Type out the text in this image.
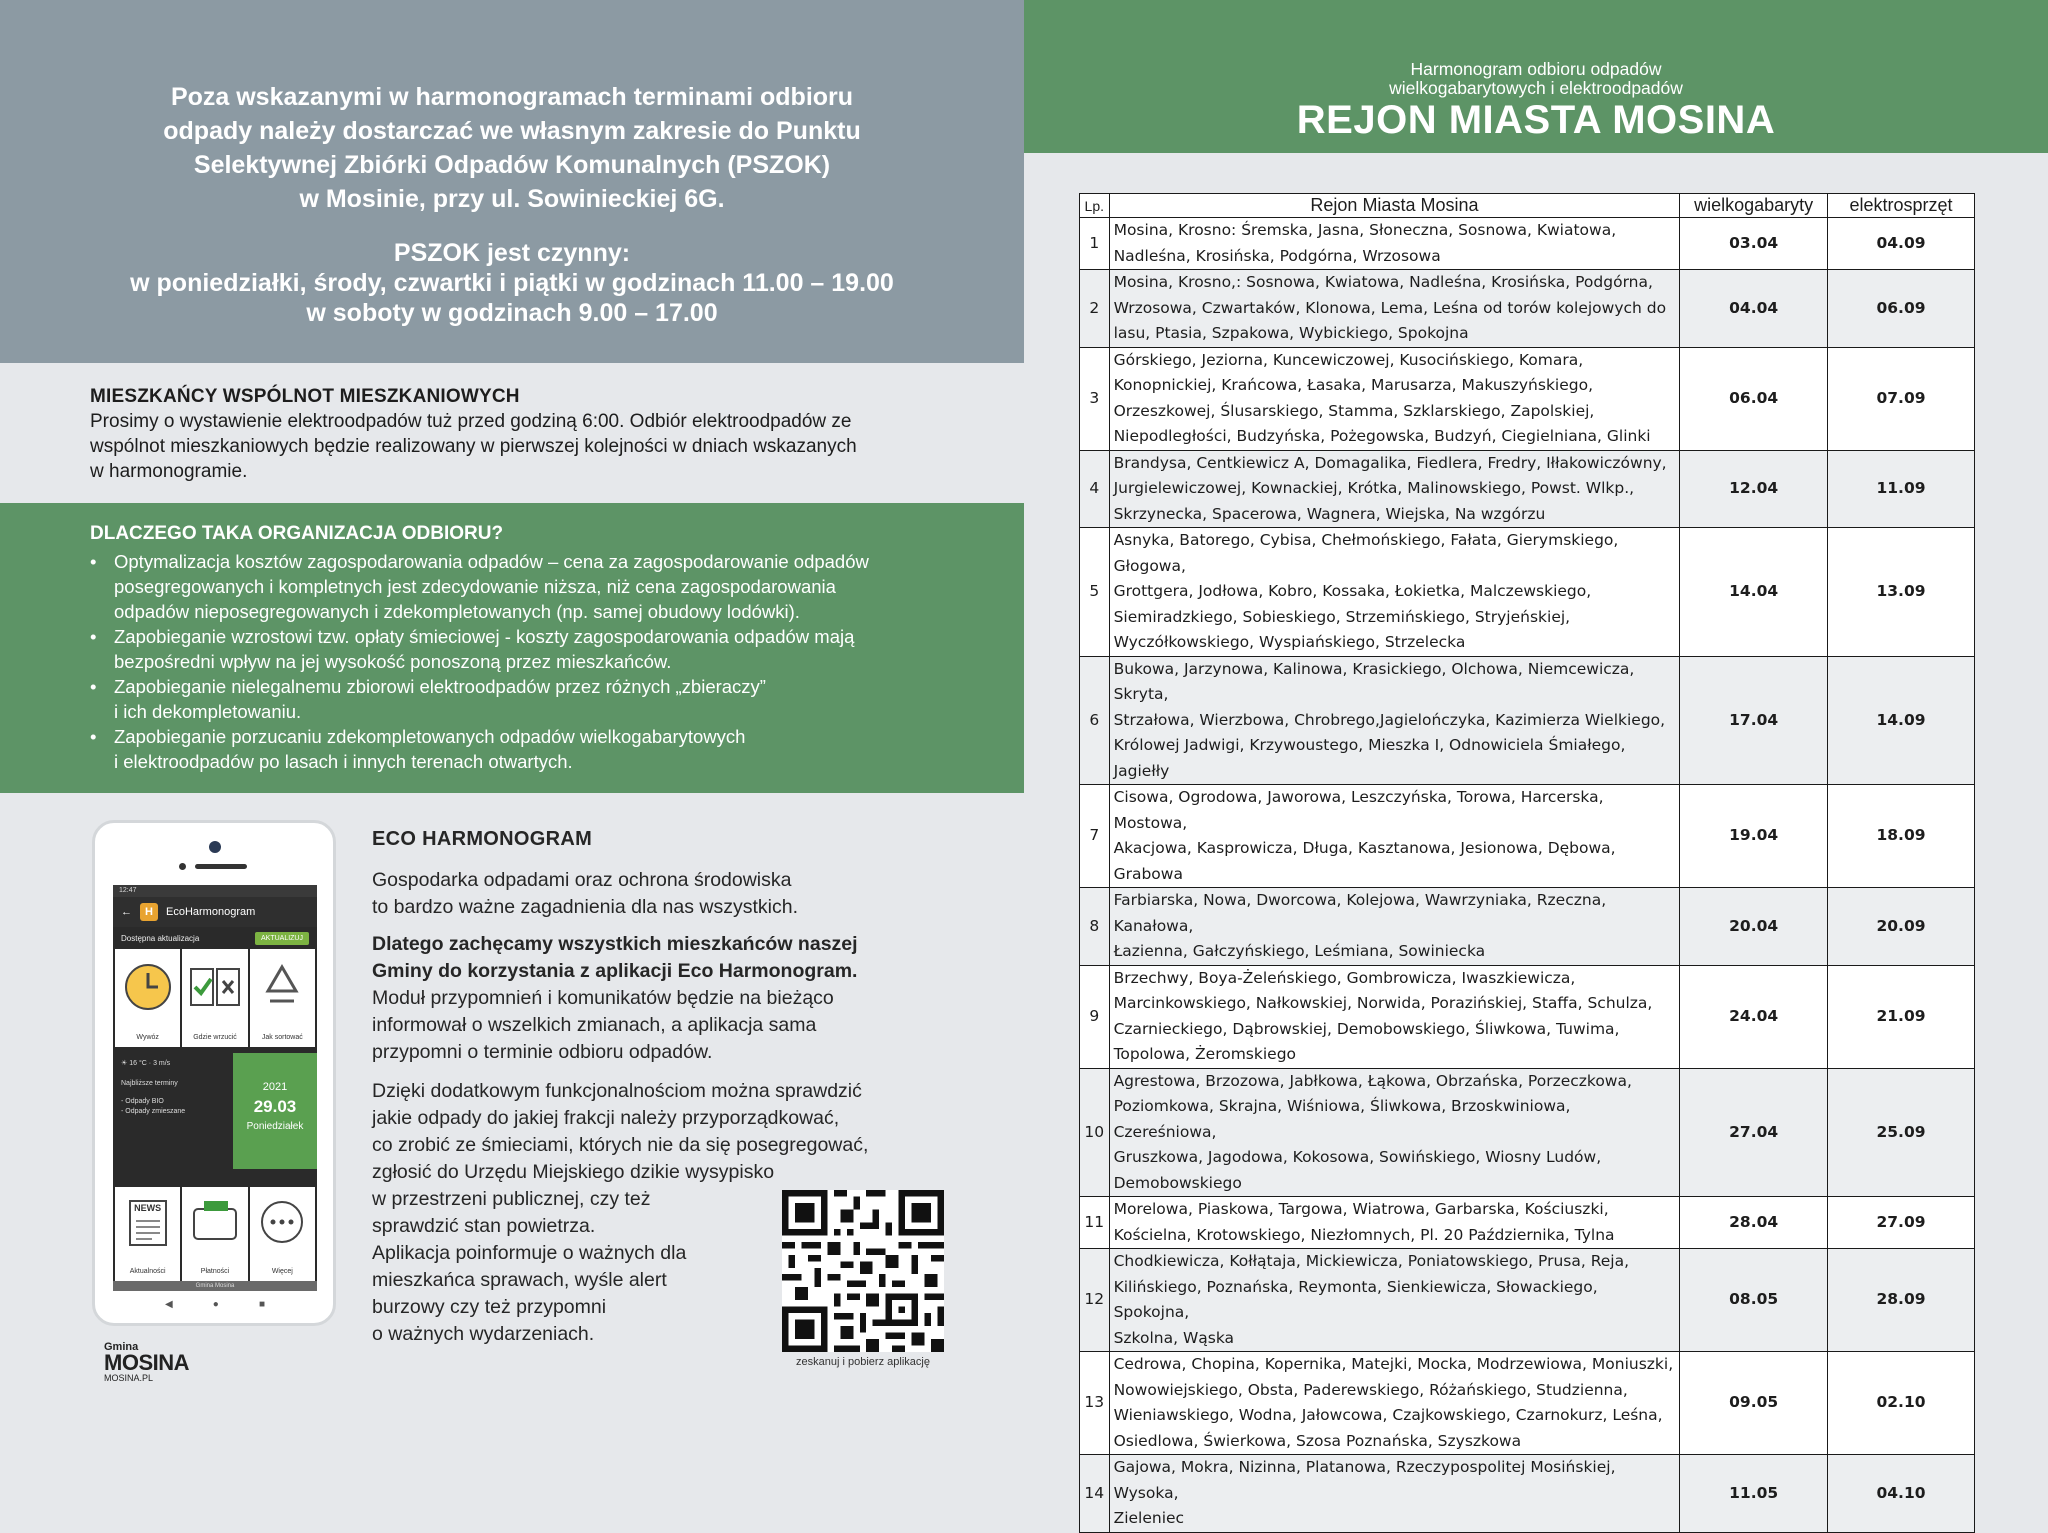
Poza wskazanymi w harmonogramach terminami odbioru
odpady należy dostarczać we własnym zakresie do Punktu
Selektywnej Zbiórki Odpadów Komunalnych (PSZOK)
w Mosinie, przy ul. Sowinieckiej 6G.
PSZOK jest czynny:
w poniedziałki, środy, czwartki i piątki w godzinach 11.00 – 19.00
w soboty w godzinach 9.00 – 17.00
MIESZKAŃCY WSPÓLNOT MIESZKANIOWYCH

Prosimy o wystawienie elektroodpadów tuż przed godziną 6:00. Odbiór elektroodpadów ze
wspólnot mieszkaniowych będzie realizowany w pierwszej kolejności w dniach wskazanych
w harmonogramie.

DLACZEGO TAKA ORGANIZACJA ODBIORU?
• Optymalizacja kosztów zagospodarowania odpadów – cena za zagospodarowanie odpadów
posegregowanych i kompletnych jest zdecydowanie niższa, niż cena zagospodarowania
odpadów nieposegregowanych i zdekompletowanych (np. samej obudowy lodówki).
• Zapobieganie wzrostowi tzw. opłaty śmieciowej - koszty zagospodarowania odpadów mają
bezpośredni wpływ na jej wysokość ponoszoną przez mieszkańców.
• Zapobieganie nielegalnemu zbiorowi elektroodpadów przez różnych „zbieraczy”
i ich dekompletowaniu.
• Zapobieganie porzucaniu zdekompletowanych odpadów wielkogabarytowych
i elektroodpadów po lasach i innych terenach otwartych.
12:47
←	H	EcoHarmonogram
Dostępna aktualizacja	AKTUALIZUJ
Wywóz	Gdzie wrzucić	Jak sortować
☀ 16 °C · 3 m/s
Najbliższe terminy
- Odpady BIO
- Odpady zmieszane
2021
29.03
Poniedziałek
NEWS
Aktualności	Płatności	Więcej
Gmina Mosina
◀	●	■
ECO HARMONOGRAM

Gospodarka odpadami oraz ochrona środowiska
to bardzo ważne zagadnienia dla nas wszystkich.

Dlatego zachęcamy wszystkich mieszkańców naszej
Gminy do korzystania z aplikacji Eco Harmonogram.
Moduł przypomnień i komunikatów będzie na bieżąco
informował o wszelkich zmianach, a aplikacja sama
przypomni o terminie odbioru odpadów.

Dzięki dodatkowym funkcjonalnościom można sprawdzić
jakie odpady do jakiej frakcji należy przyporządkować,
co zrobić ze śmieciami, których nie da się posegregować,
zgłosić do Urzędu Miejskiego dzikie wysypisko
w przestrzeni publicznej, czy też
sprawdzić stan powietrza.
Aplikacja poinformuje o ważnych dla
mieszkańca sprawach, wyśle alert
burzowy czy też przypomni
o ważnych wydarzeniach.
zeskanuj i pobierz aplikację
Gmina
MOSINA
MOSINA.PL
Harmonogram odbioru odpadów
wielkogabarytowych i elektroodpadów
REJON MIASTA MOSINA
Lp.	Rejon Miasta Mosina	wielkogabaryty	elektrosprzęt
1	Mosina, Krosno: Śremska, Jasna, Słoneczna, Sosnowa, Kwiatowa,
Nadleśna, Krosińska, Podgórna, Wrzosowa	03.04	04.09
2	Mosina, Krosno,: Sosnowa, Kwiatowa, Nadleśna, Krosińska, Podgórna,
Wrzosowa, Czwartaków, Klonowa, Lema, Leśna od torów kolejowych do
lasu, Ptasia, Szpakowa, Wybickiego, Spokojna	04.04	06.09
3	Górskiego, Jeziorna, Kuncewiczowej, Kusocińskiego, Komara,
Konopnickiej, Krańcowa, Łasaka, Marusarza, Makuszyńskiego,
Orzeszkowej, Ślusarskiego, Stamma, Szklarskiego, Zapolskiej,
Niepodległości, Budzyńska, Pożegowska, Budzyń, Ciegielniana, Glinki	06.04	07.09
4	Brandysa, Centkiewicz A, Domagalika, Fiedlera, Fredry, Iłłakowiczówny,
Jurgielewiczowej, Kownackiej, Krótka, Malinowskiego, Powst. Wlkp.,
Skrzynecka, Spacerowa, Wagnera, Wiejska, Na wzgórzu	12.04	11.09
5	Asnyka, Batorego, Cybisa, Chełmońskiego, Fałata, Gierymskiego, Głogowa,
Grottgera, Jodłowa, Kobro, Kossaka, Łokietka, Malczewskiego,
Siemiradzkiego, Sobieskiego, Strzemińskiego, Stryjeńskiej,
Wyczółkowskiego, Wyspiańskiego, Strzelecka	14.04	13.09
6	Bukowa, Jarzynowa, Kalinowa, Krasickiego, Olchowa, Niemcewicza, Skryta,
Strzałowa, Wierzbowa, Chrobrego,Jagielończyka, Kazimierza Wielkiego,
Królowej Jadwigi, Krzywoustego, Mieszka I, Odnowiciela Śmiałego, Jagiełły	17.04	14.09
7	Cisowa, Ogrodowa, Jaworowa, Leszczyńska, Torowa, Harcerska, Mostowa,
Akacjowa, Kasprowicza, Długa, Kasztanowa, Jesionowa, Dębowa, Grabowa	19.04	18.09
8	Farbiarska, Nowa, Dworcowa, Kolejowa, Wawrzyniaka, Rzeczna, Kanałowa,
Łazienna, Gałczyńskiego, Leśmiana, Sowiniecka	20.04	20.09
9	Brzechwy, Boya-Żeleńskiego, Gombrowicza, Iwaszkiewicza,
Marcinkowskiego, Nałkowskiej, Norwida, Porazińskiej, Staffa, Schulza,
Czarnieckiego, Dąbrowskiej, Demobowskiego, Śliwkowa, Tuwima,
Topolowa, Żeromskiego	24.04	21.09
10	Agrestowa, Brzozowa, Jabłkowa, Łąkowa, Obrzańska, Porzeczkowa,
Poziomkowa, Skrajna, Wiśniowa, Śliwkowa, Brzoskwiniowa, Czereśniowa,
Gruszkowa, Jagodowa, Kokosowa, Sowińskiego, Wiosny Ludów,
Demobowskiego	27.04	25.09
11	Morelowa, Piaskowa, Targowa, Wiatrowa, Garbarska, Kościuszki,
Kościelna, Krotowskiego, Niezłomnych, Pl. 20 Października, Tylna	28.04	27.09
12	Chodkiewicza, Kołłątaja, Mickiewicza, Poniatowskiego, Prusa, Reja,
Kilińskiego, Poznańska, Reymonta, Sienkiewicza, Słowackiego, Spokojna,
Szkolna, Wąska	08.05	28.09
13	Cedrowa, Chopina, Kopernika, Matejki, Mocka, Modrzewiowa, Moniuszki,
Nowowiejskiego, Obsta, Paderewskiego, Różańskiego, Studzienna,
Wieniawskiego, Wodna, Jałowcowa, Czajkowskiego, Czarnokurz, Leśna,
Osiedlowa, Świerkowa, Szosa Poznańska, Szyszkowa	09.05	02.10
14	Gajowa, Mokra, Nizinna, Platanowa, Rzeczypospolitej Mosińskiej, Wysoka,
Zieleniec	11.05	04.10
